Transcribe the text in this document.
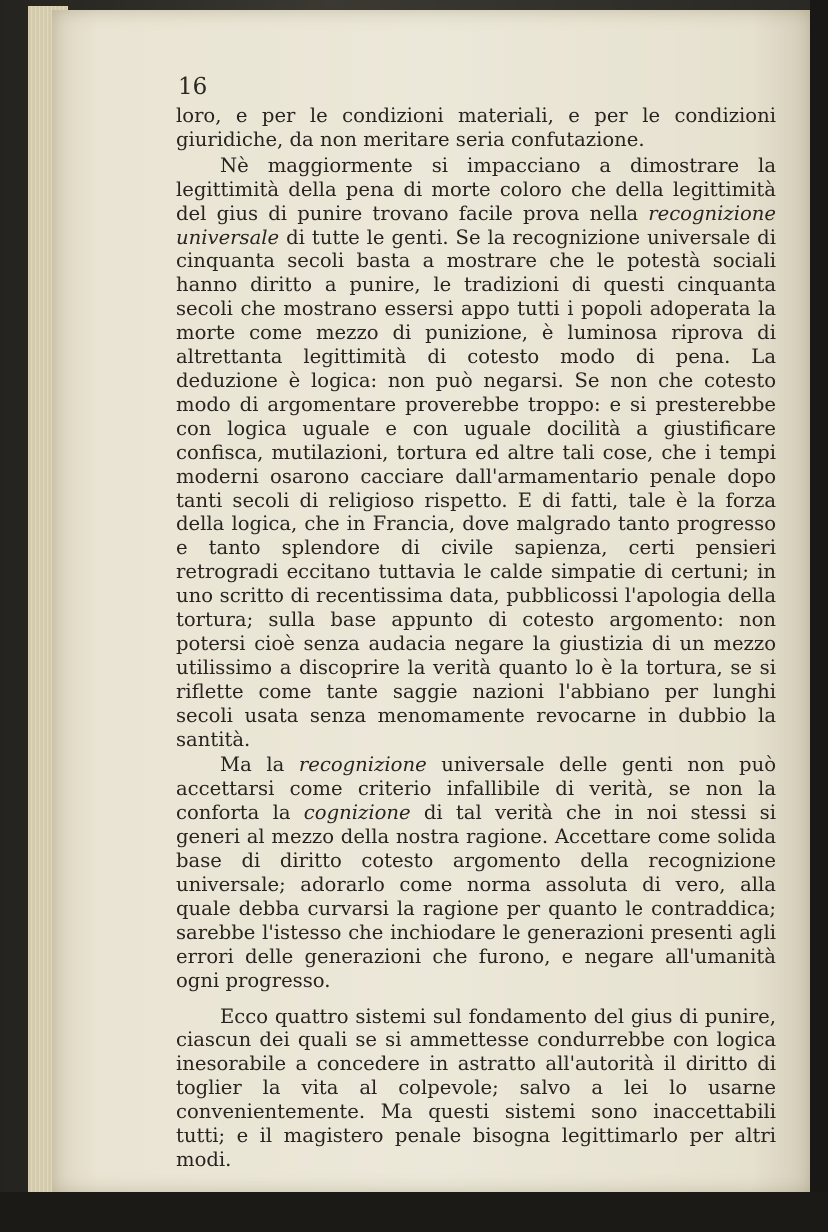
16

loro, e per le condizioni materiali, e per le condizioni giuridiche, da non meritare seria confutazione.

Nè maggiormente si impacciano a dimostrare la legittimità della pena di morte coloro che della legittimità del gius di punire trovano facile prova nella recognizione universale di tutte le genti. Se la recognizione universale di cinquanta secoli basta a mostrare che le potestà sociali hanno diritto a punire, le tradizioni di questi cinquanta secoli che mostrano essersi appo tutti i popoli adoperata la morte come mezzo di punizione, è luminosa riprova di altrettanta legittimità di cotesto modo di pena. La deduzione è logica: non può negarsi. Se non che cotesto modo di argomentare proverebbe troppo: e si presterebbe con logica uguale e con uguale docilità a giustificare confisca, mutilazioni, tortura ed altre tali cose, che i tempi moderni osarono cacciare dall'armamentario penale dopo tanti secoli di religioso rispetto. E di fatti, tale è la forza della logica, che in Francia, dove malgrado tanto progresso e tanto splendore di civile sapienza, certi pensieri retrogradi eccitano tuttavia le calde simpatie di certuni; in uno scritto di recentissima data, pubblicossi l'apologia della tortura; sulla base appunto di cotesto argomento: non potersi cioè senza audacia negare la giustizia di un mezzo utilissimo a discoprire la verità quanto lo è la tortura, se si riflette come tante saggie nazioni l'abbiano per lunghi secoli usata senza menomamente revocarne in dubbio la santità.

Ma la recognizione universale delle genti non può accettarsi come criterio infallibile di verità, se non la conforta la cognizione di tal verità che in noi stessi si generi al mezzo della nostra ragione. Accettare come solida base di diritto cotesto argomento della recognizione universale; adorarlo come norma assoluta di vero, alla quale debba curvarsi la ragione per quanto le contraddica; sarebbe l'istesso che inchiodare le generazioni presenti agli errori delle generazioni che furono, e negare all'umanità ogni progresso.

Ecco quattro sistemi sul fondamento del gius di punire, ciascun dei quali se si ammettesse condurrebbe con logica inesorabile a concedere in astratto all'autorità il diritto di toglier la vita al colpevole; salvo a lei lo usarne convenientemente. Ma questi sistemi sono inaccettabili tutti; e il magistero penale bisogna legittimarlo per altri modi.
